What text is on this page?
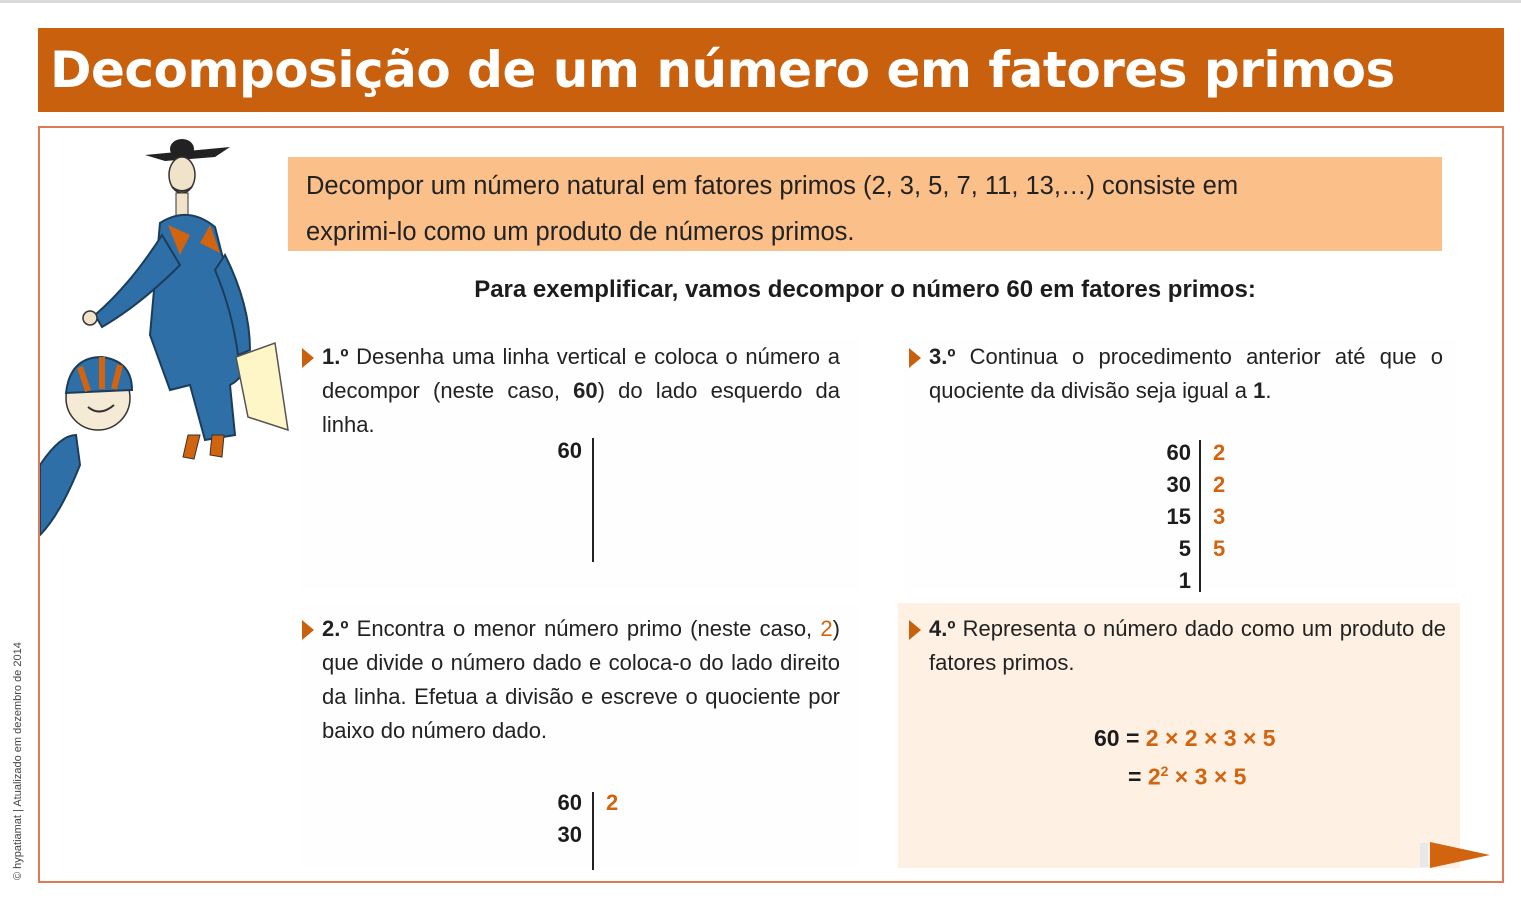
Decomposição de um número em fatores primos
© hypatiamat | Atualizado em dezembro de 2014
Decompor um número natural em fatores primos (2, 3, 5, 7, 11, 13,…) consiste em
exprimi-lo como um produto de números primos.
Para exemplificar, vamos decompor o número 60 em fatores primos:
1.º Desenha uma linha vertical e coloca o número a decompor (neste caso, 60) do lado esquerdo da linha.
60
2.º Encontra o menor número primo (neste caso, 2) que divide o número dado e coloca-o do lado direito da linha. Efetua a divisão e escreve o quociente por baixo do número dado.
60
30
2
3.º Continua o procedimento anterior até que o quociente da divisão seja igual a 1.
60
30
15
5
1
2
2
3
5
4.º Representa o número dado como um produto de fatores primos.
60 = 2 × 2 × 3 × 5
= $2^2 \times 3 \times 5$
